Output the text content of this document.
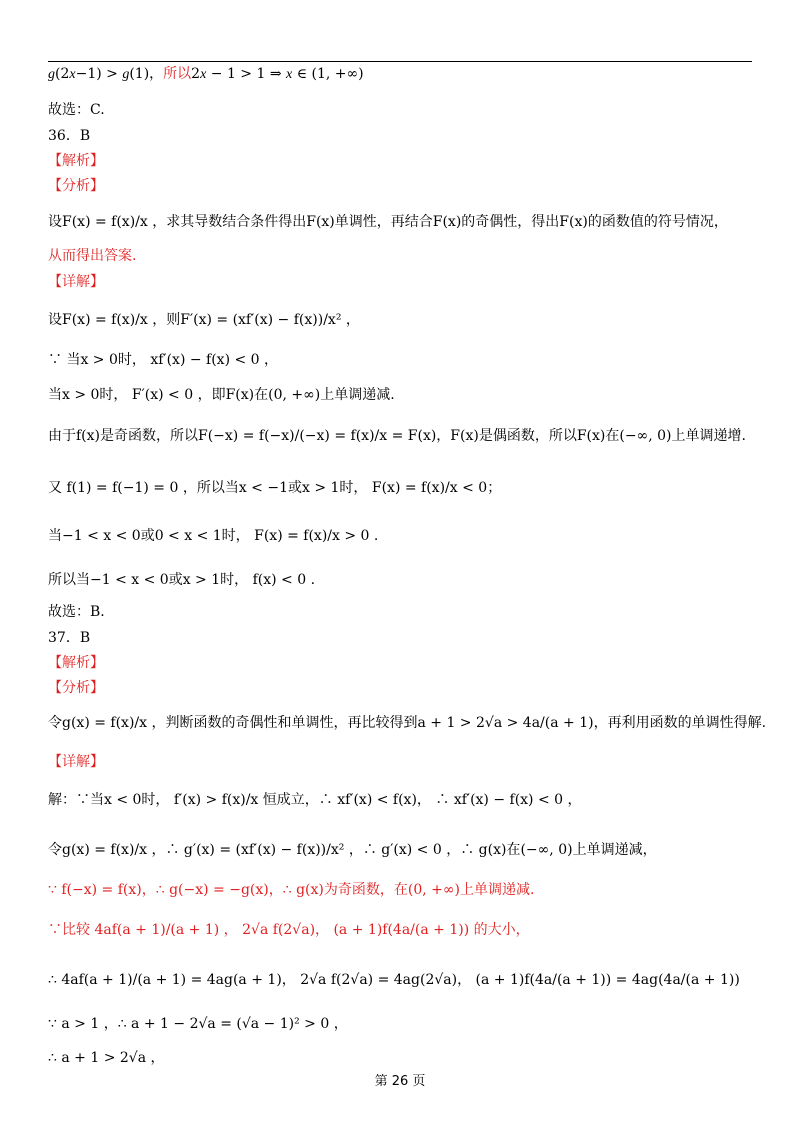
g(2x−1) > g(1)，所以2x − 1 > 1 ⇒ x ∈ (1, +∞)
故选：C.
36．B
【解析】
【分析】
设F(x) = f(x)/x ，求其导数结合条件得出F(x)单调性，再结合F(x)的奇偶性，得出F(x)的函数值的符号情况，
从而得出答案.
【详解】
设F(x) = f(x)/x ，则F′(x) = (xf′(x) − f(x))/x² ，
∵ 当x > 0时， xf′(x) − f(x) < 0 ，
当x > 0时， F′(x) < 0 ，即F(x)在(0, +∞)上单调递减.
由于f(x)是奇函数，所以F(−x) = f(−x)/(−x) = f(x)/x = F(x)，F(x)是偶函数，所以F(x)在(−∞, 0)上单调递增.
又 f(1) = f(−1) = 0 ，所以当x < −1或x > 1时， F(x) = f(x)/x < 0；
当−1 < x < 0或0 < x < 1时， F(x) = f(x)/x > 0 .
所以当−1 < x < 0或x > 1时， f(x) < 0 .
故选：B.
37．B
【解析】
【分析】
令g(x) = f(x)/x ，判断函数的奇偶性和单调性，再比较得到a + 1 > 2√a > 4a/(a + 1)，再利用函数的单调性得解.
【详解】
解：∵当x < 0时， f′(x) > f(x)/x 恒成立，∴ xf′(x) < f(x)， ∴ xf′(x) − f(x) < 0 ，
令g(x) = f(x)/x ，∴ g′(x) = (xf′(x) − f(x))/x² ，∴ g′(x) < 0 ，∴ g(x)在(−∞, 0)上单调递减，
∵ f(−x) = f(x)，∴ g(−x) = −g(x)，∴ g(x)为奇函数，在(0, +∞)上单调递减.
∵比较 4af(a + 1)/(a + 1) ， 2√a f(2√a)， (a + 1)f(4a/(a + 1)) 的大小，
∴ 4af(a + 1)/(a + 1) = 4ag(a + 1)， 2√a f(2√a) = 4ag(2√a)， (a + 1)f(4a/(a + 1)) = 4ag(4a/(a + 1))
∵ a > 1 ，∴ a + 1 − 2√a = (√a − 1)² > 0 ，
∴ a + 1 > 2√a ，
第 26 页
